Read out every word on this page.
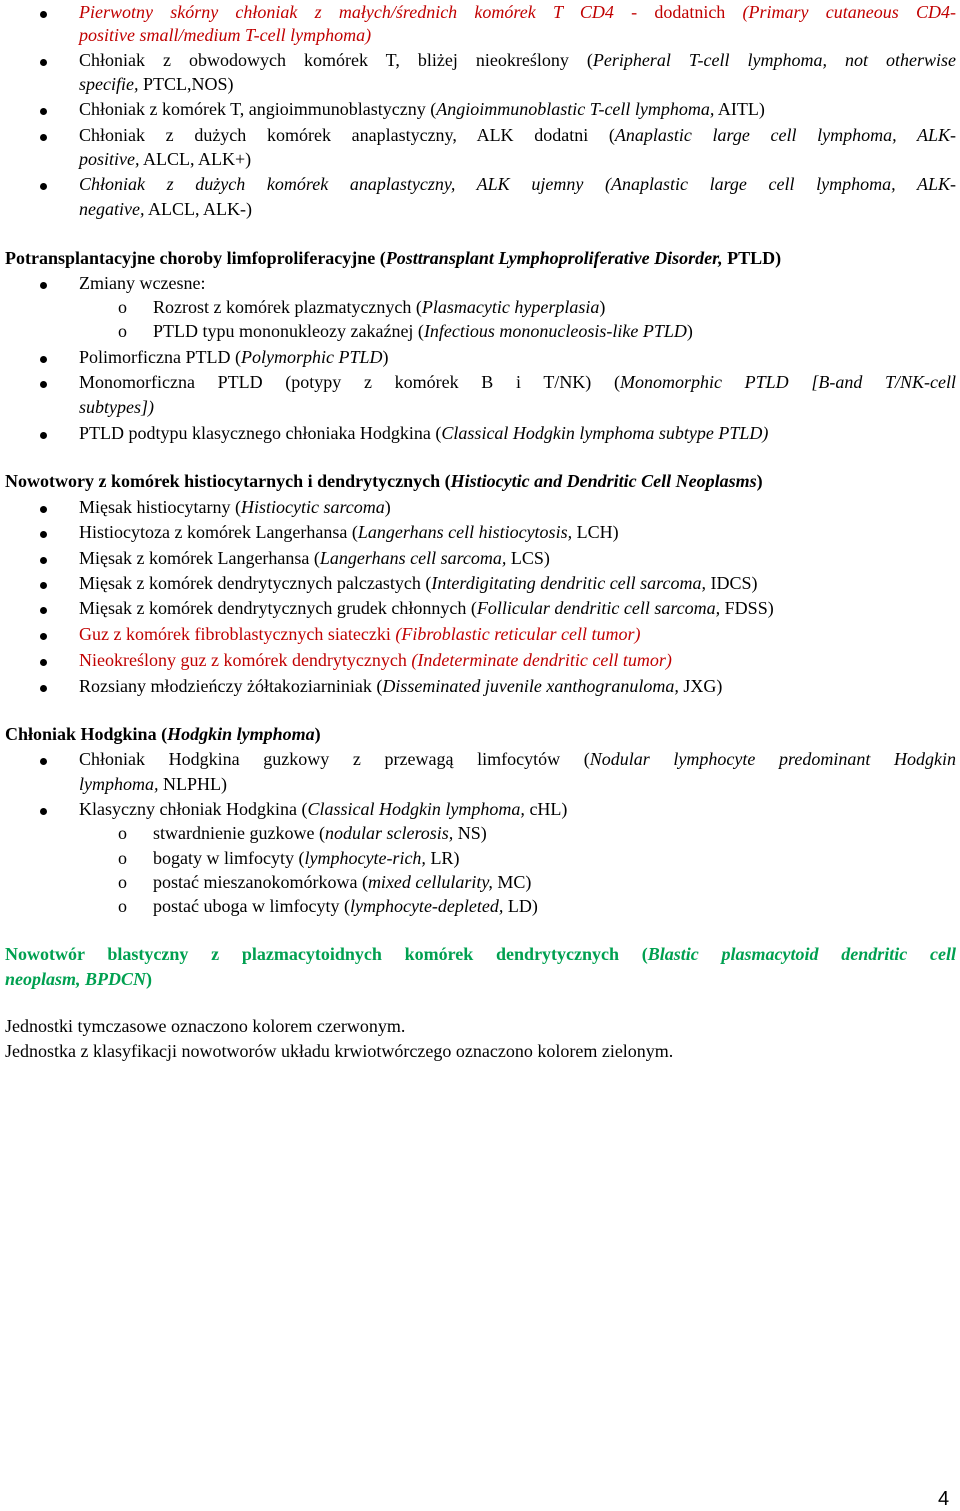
Pierwotny skórny chłoniak z małych/średnich komórek T CD4 - dodatnich (Primary cutaneous CD4-
positive small/medium T-cell lymphoma)
Chłoniak z obwodowych komórek T, bliżej nieokreślony (Peripheral T-cell lymphoma, not otherwise
specifie, PTCL,NOS)
Chłoniak z komórek T, angioimmunoblastyczny (Angioimmunoblastic T-cell lymphoma, AITL)
Chłoniak z dużych komórek anaplastyczny, ALK dodatni (Anaplastic large cell lymphoma, ALK-
positive, ALCL, ALK+)
Chłoniak z dużych komórek anaplastyczny, ALK ujemny (Anaplastic large cell lymphoma, ALK-
negative, ALCL, ALK-)
Potransplantacyjne choroby limfoproliferacyjne (Posttransplant Lymphoproliferative Disorder, PTLD)
Zmiany wczesne:
o Rozrost z komórek plazmatycznych (Plasmacytic hyperplasia)
o PTLD typu mononukleozy zakaźnej (Infectious mononucleosis-like PTLD)
Polimorficzna PTLD (Polymorphic PTLD)
Monomorficzna PTLD (potypy z komórek B i T/NK) (Monomorphic PTLD [B-and T/NK-cell
subtypes])
PTLD podtypu klasycznego chłoniaka Hodgkina (Classical Hodgkin lymphoma subtype PTLD)
Nowotwory z komórek histiocytarnych i dendrytycznych (Histiocytic and Dendritic Cell Neoplasms)
Mięsak histiocytarny (Histiocytic sarcoma)
Histiocytoza z komórek Langerhansa (Langerhans cell histiocytosis, LCH)
Mięsak z komórek Langerhansa (Langerhans cell sarcoma, LCS)
Mięsak z komórek dendrytycznych palczastych (Interdigitating dendritic cell sarcoma, IDCS)
Mięsak z komórek dendrytycznych grudek chłonnych (Follicular dendritic cell sarcoma, FDSS)
Guz z komórek fibroblastycznych siateczki (Fibroblastic reticular cell tumor)
Nieokreślony guz z komórek dendrytycznych (Indeterminate dendritic cell tumor)
Rozsiany młodzieńczy żółtakoziarniniak (Disseminated juvenile xanthogranuloma, JXG)
Chłoniak Hodgkina (Hodgkin lymphoma)
Chłoniak Hodgkina guzkowy z przewagą limfocytów (Nodular lymphocyte predominant Hodgkin
lymphoma, NLPHL)
Klasyczny chłoniak Hodgkina (Classical Hodgkin lymphoma, cHL)
o stwardnienie guzkowe (nodular sclerosis, NS)
o bogaty w limfocyty (lymphocyte-rich, LR)
o postać mieszanokomórkowa (mixed cellularity, MC)
o postać uboga w limfocyty (lymphocyte-depleted, LD)
Nowotwór blastyczny z plazmacytoidnych komórek dendrytycznych (Blastic plasmacytoid dendritic cell
neoplasm, BPDCN)
Jednostki tymczasowe oznaczono kolorem czerwonym.
Jednostka z klasyfikacji nowotworów układu krwiotwórczego oznaczono kolorem zielonym.
4
